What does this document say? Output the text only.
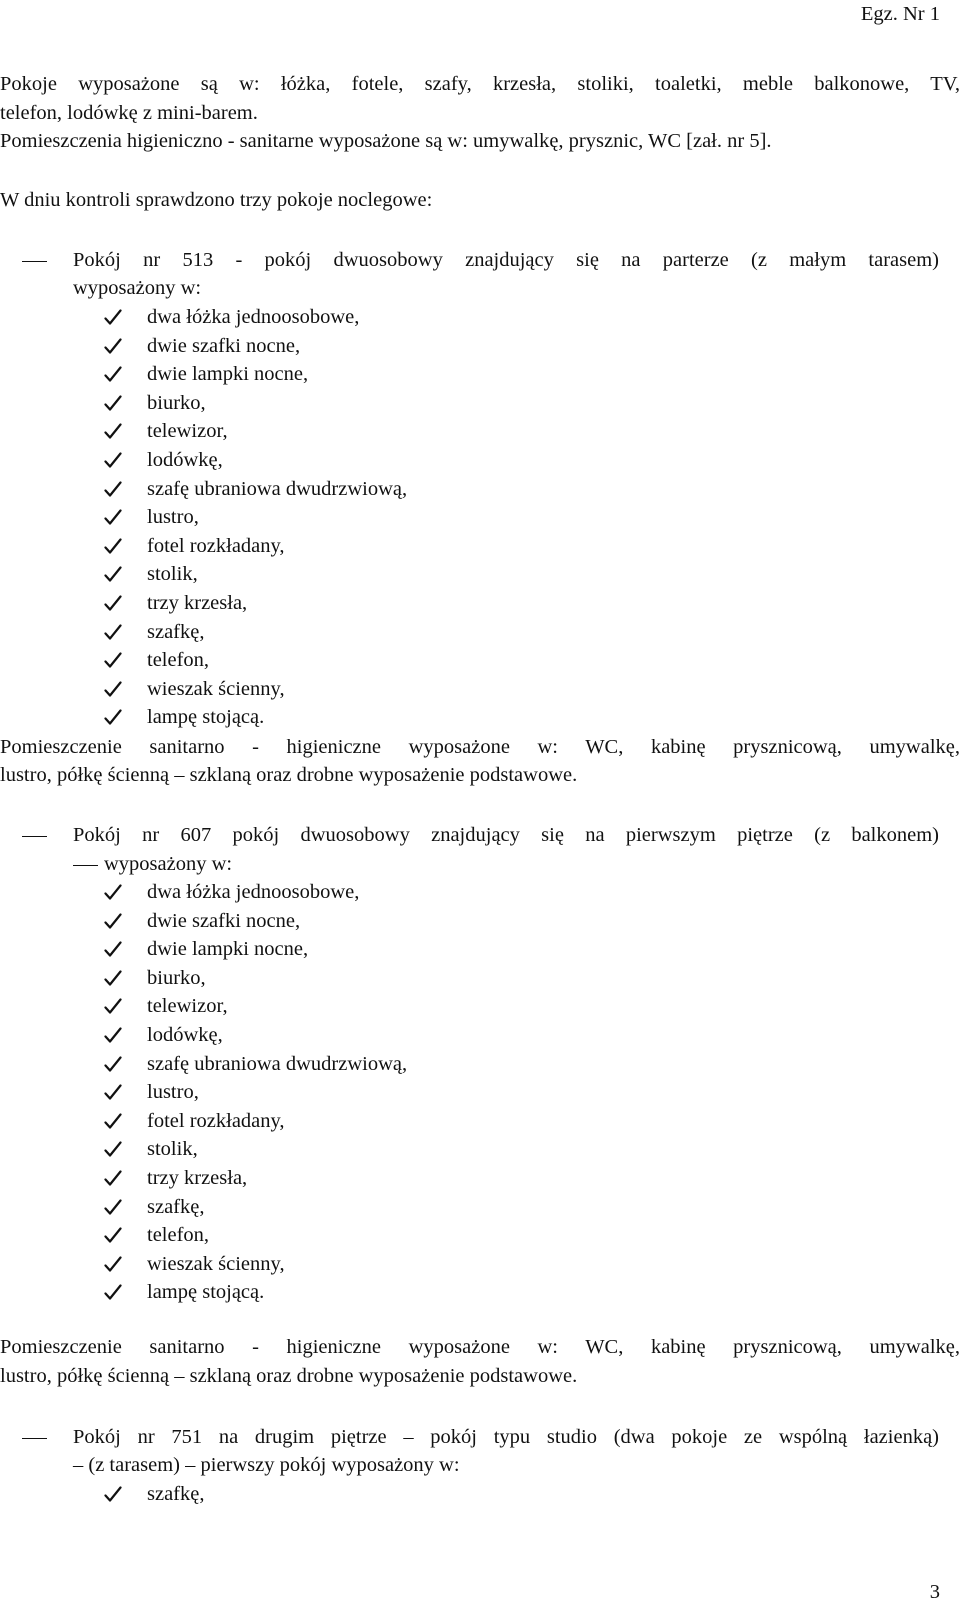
Egz. Nr 1
Pokoje wyposażone są w: łóżka, fotele, szafy, krzesła, stoliki, toaletki, meble balkonowe, TV,
telefon, lodówkę z mini-barem.
Pomieszczenia higieniczno - sanitarne wyposażone są w: umywalkę, prysznic, WC [zał. nr 5].
W dniu kontroli sprawdzono trzy pokoje noclegowe:
Pokój nr 513 - pokój dwuosobowy znajdujący się na parterze (z małym tarasem)
wyposażony w:
dwa łóżka jednoosobowe,
dwie szafki nocne,
dwie lampki nocne,
biurko,
telewizor,
lodówkę,
szafę ubraniowa dwudrzwiową,
lustro,
fotel rozkładany,
stolik,
trzy krzesła,
szafkę,
telefon,
wieszak ścienny,
lampę stojącą.
Pomieszczenie sanitarno - higieniczne wyposażone w: WC, kabinę prysznicową, umywalkę,
lustro, półkę ścienną – szklaną oraz drobne wyposażenie podstawowe.
Pokój nr 607 pokój dwuosobowy znajdujący się na pierwszym piętrze (z balkonem)
wyposażony w:
dwa łóżka jednoosobowe,
dwie szafki nocne,
dwie lampki nocne,
biurko,
telewizor,
lodówkę,
szafę ubraniowa dwudrzwiową,
lustro,
fotel rozkładany,
stolik,
trzy krzesła,
szafkę,
telefon,
wieszak ścienny,
lampę stojącą.
Pomieszczenie sanitarno - higieniczne wyposażone w: WC, kabinę prysznicową, umywalkę,
lustro, półkę ścienną – szklaną oraz drobne wyposażenie podstawowe.
Pokój nr 751 na drugim piętrze – pokój typu studio (dwa pokoje ze wspólną łazienką)
– (z tarasem) – pierwszy pokój wyposażony w:
szafkę,
3
